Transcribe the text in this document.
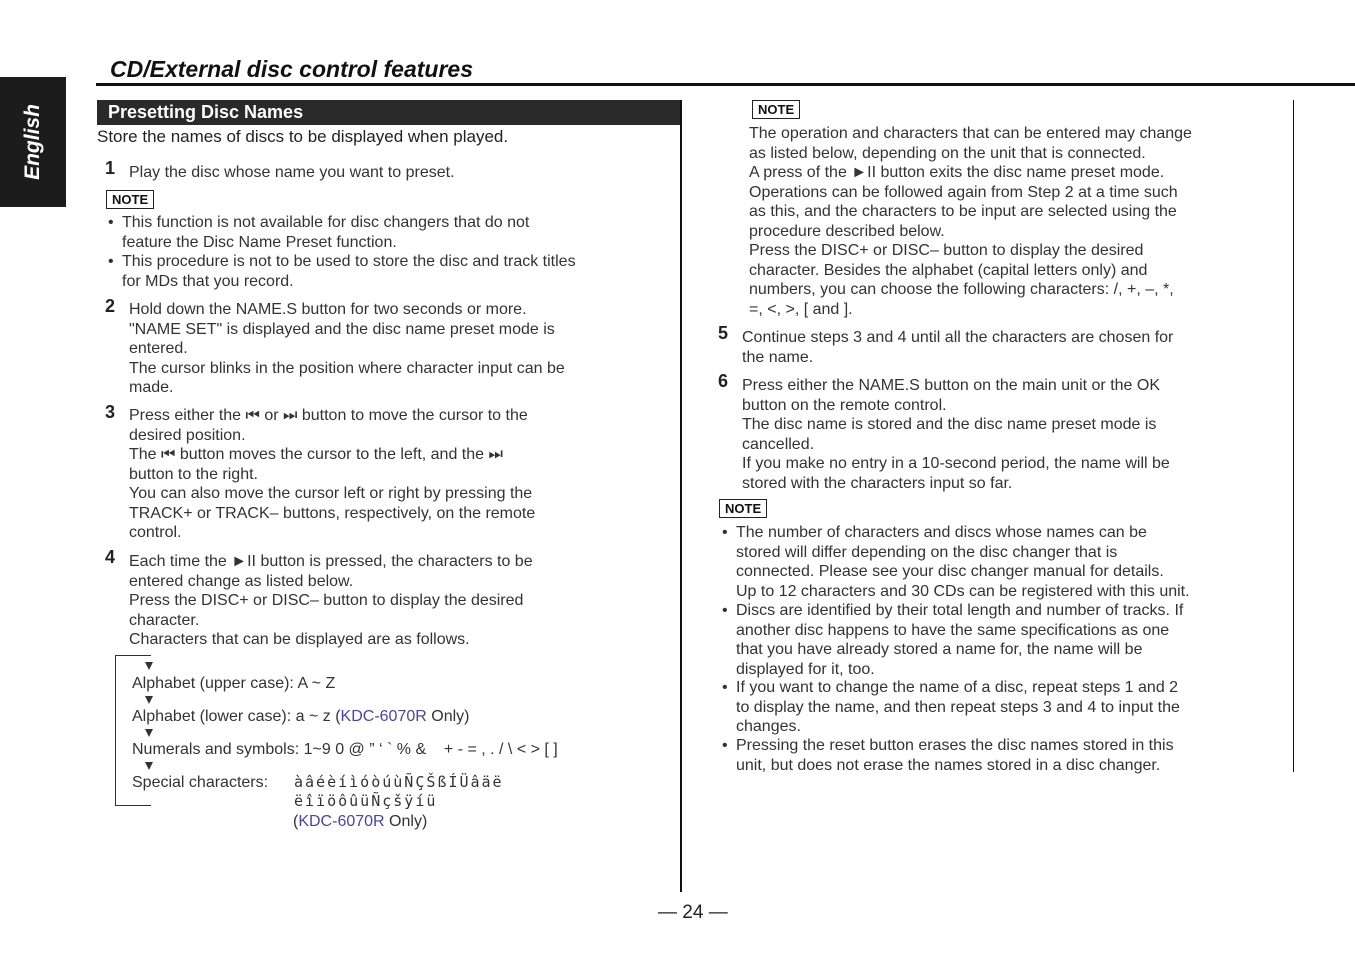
English
CD/External disc control features
Presetting Disc Names
Store the names of discs to be displayed when played.
1 Play the disc whose name you want to preset.
NOTE
• This function is not available for disc changers that do not
feature the Disc Name Preset function.
• This procedure is not to be used to store the disc and track titles
for MDs that you record.
2 Hold down the NAME.S button for two seconds or more.
"NAME SET" is displayed and the disc name preset mode is
entered.
The cursor blinks in the position where character input can be
made.
3 Press either the ⏮ or ⏭ button to move the cursor to the
desired position.
The ⏮ button moves the cursor to the left, and the ⏭
button to the right.
You can also move the cursor left or right by pressing the
TRACK+ or TRACK– buttons, respectively, on the remote
control.
4 Each time the ►II button is pressed, the characters to be
entered change as listed below.
Press the DISC+ or DISC– button to display the desired
character.
Characters that can be displayed are as follows.
Alphabet (upper case): A ~ Z
Alphabet (lower case): a ~ z (KDC-6070R Only)
Numerals and symbols: 1~9 0 @ ” ‘ ` % &    + - = , . / \ < > [ ]
Special characters: àâéèíìóòúùÑÇŠßÍÜâäë
ëîïöôûüÑçšÿíü
(KDC-6070R Only)
NOTE
The operation and characters that can be entered may change
as listed below, depending on the unit that is connected.
A press of the ►II button exits the disc name preset mode.
Operations can be followed again from Step 2 at a time such
as this, and the characters to be input are selected using the
procedure described below.
Press the DISC+ or DISC– button to display the desired
character. Besides the alphabet (capital letters only) and
numbers, you can choose the following characters: /, +, –, *,
=, <, >, [ and ].
5 Continue steps 3 and 4 until all the characters are chosen for
the name.
6 Press either the NAME.S button on the main unit or the OK
button on the remote control.
The disc name is stored and the disc name preset mode is
cancelled.
If you make no entry in a 10-second period, the name will be
stored with the characters input so far.
NOTE
• The number of characters and discs whose names can be
stored will differ depending on the disc changer that is
connected. Please see your disc changer manual for details.
Up to 12 characters and 30 CDs can be registered with this unit.
• Discs are identified by their total length and number of tracks. If
another disc happens to have the same specifications as one
that you have already stored a name for, the name will be
displayed for it, too.
• If you want to change the name of a disc, repeat steps 1 and 2
to display the name, and then repeat steps 3 and 4 to input the
changes.
• Pressing the reset button erases the disc names stored in this
unit, but does not erase the names stored in a disc changer.
— 24 —
